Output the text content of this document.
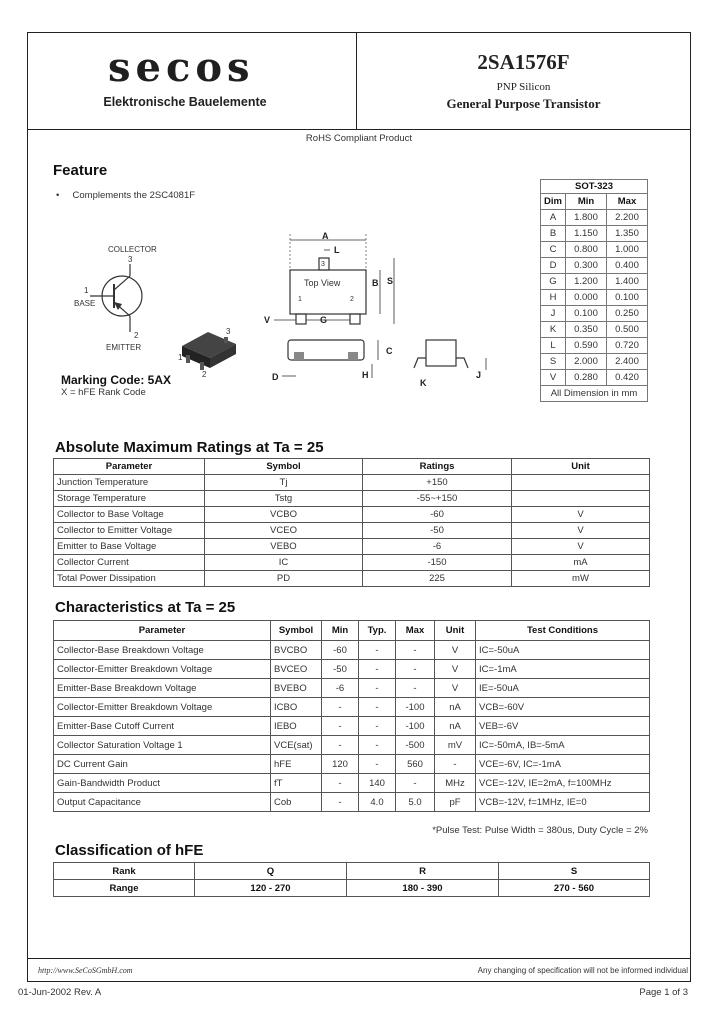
secos
Elektronische Bauelemente
2SA1576F
PNP Silicon
General Purpose Transistor
RoHS Compliant Product
Feature
•     Complements the 2SC4081F
COLLECTOR
3
1
BASE
2
EMITTER
3
1
2
Marking Code: 5AX
X = hFE Rank Code
3
1	2
Top View
A
L
B S
V	G
C
D	H
K
J
SOT-323		
Dim	Min	Max
A	1.800	2.200
B	1.150	1.350
C	0.800	1.000
D	0.300	0.400
G	1.200	1.400
H	0.000	0.100
J	0.100	0.250
K	0.350	0.500
L	0.590	0.720
S	2.000	2.400
V	0.280	0.420
All Dimension in mm		
Absolute Maximum Ratings at Ta = 25
Parameter	Symbol	Ratings	Unit
Junction Temperature	Tj	+150	
Storage Temperature	Tstg	-55~+150	
Collector to Base Voltage	VCBO	-60	V
Collector to Emitter Voltage	VCEO	-50	V
Emitter to Base Voltage	VEBO	-6	V
Collector Current	IC	-150	mA
Total Power Dissipation	PD	225	mW
Characteristics at Ta = 25
Parameter	Symbol	Min	Typ.	Max	Unit	Test Conditions
Collector-Base Breakdown Voltage	BVCBO	-60	-	-	V	IC=-50uA
Collector-Emitter Breakdown Voltage	BVCEO	-50	-	-	V	IC=-1mA
Emitter-Base Breakdown Voltage	BVEBO	-6	-	-	V	IE=-50uA
Collector-Emitter Breakdown Voltage	ICBO	-	-	-100	nA	VCB=-60V
Emitter-Base Cutoff Current	IEBO	-	-	-100	nA	VEB=-6V
Collector Saturation Voltage 1	VCE(sat)	-	-	-500	mV	IC=-50mA, IB=-5mA
DC Current Gain	hFE	120	-	560	-	VCE=-6V, IC=-1mA
Gain-Bandwidth Product	fT	-	140	-	MHz	VCE=-12V, IE=2mA, f=100MHz
Output Capacitance	Cob	-	4.0	5.0	pF	VCB=-12V, f=1MHz, IE=0
*Pulse Test: Pulse Width = 380us, Duty Cycle = 2%
Classification of hFE
Rank	Q	R	S
Range	120 - 270	180 - 390	270 - 560
http://www.SeCoSGmbH.com	Any changing of specification will not be informed individual
01-Jun-2002 Rev. A	Page 1 of 3
